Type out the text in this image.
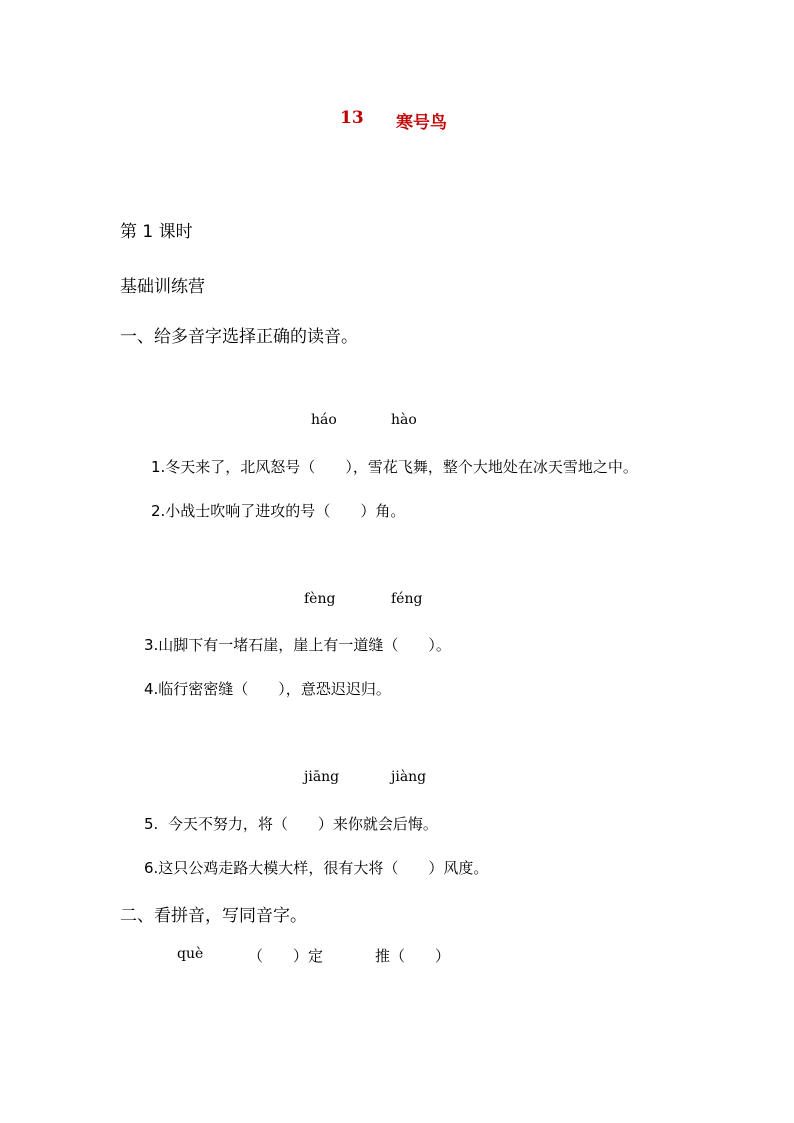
13 寒号鸟
第 1 课时
基础训练营
一、给多音字选择正确的读音。
háo	hào
1.冬天来了，北风怒号（　　），雪花飞舞，整个大地处在冰天雪地之中。
2.小战士吹响了进攻的号（　　）角。
fèng	féng
3.山脚下有一堵石崖，崖上有一道缝（　　）。
4.临行密密缝（　　），意恐迟迟归。
jiāng	jiàng
5.  今天不努力，将（　　）来你就会后悔。
6.这只公鸡走路大模大样，很有大将（　　）风度。
二、看拼音，写同音字。
què	（　　）定	推（　　）
